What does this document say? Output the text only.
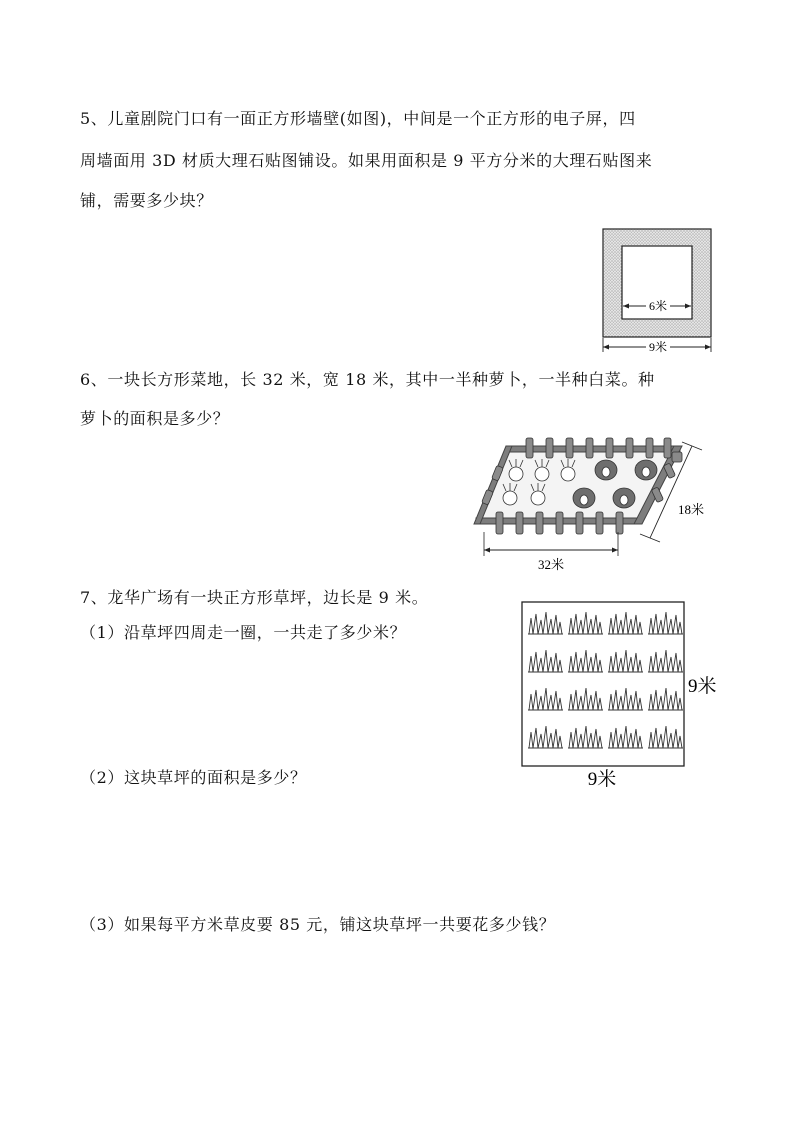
5、儿童剧院门口有一面正方形墙壁(如图)，中间是一个正方形的电子屏，四
周墙面用 3D 材质大理石贴图铺设。如果用面积是 9 平方分米的大理石贴图来
铺，需要多少块？
6米
9米
6、一块长方形菜地，长 32 米，宽 18 米，其中一半种萝卜，一半种白菜。种
萝卜的面积是多少？
18米
32米
7、龙华广场有一块正方形草坪，边长是 9 米。
（1）沿草坪四周走一圈，一共走了多少米？
（2）这块草坪的面积是多少？
（3）如果每平方米草皮要 85 元，铺这块草坪一共要花多少钱？
9米
9米
